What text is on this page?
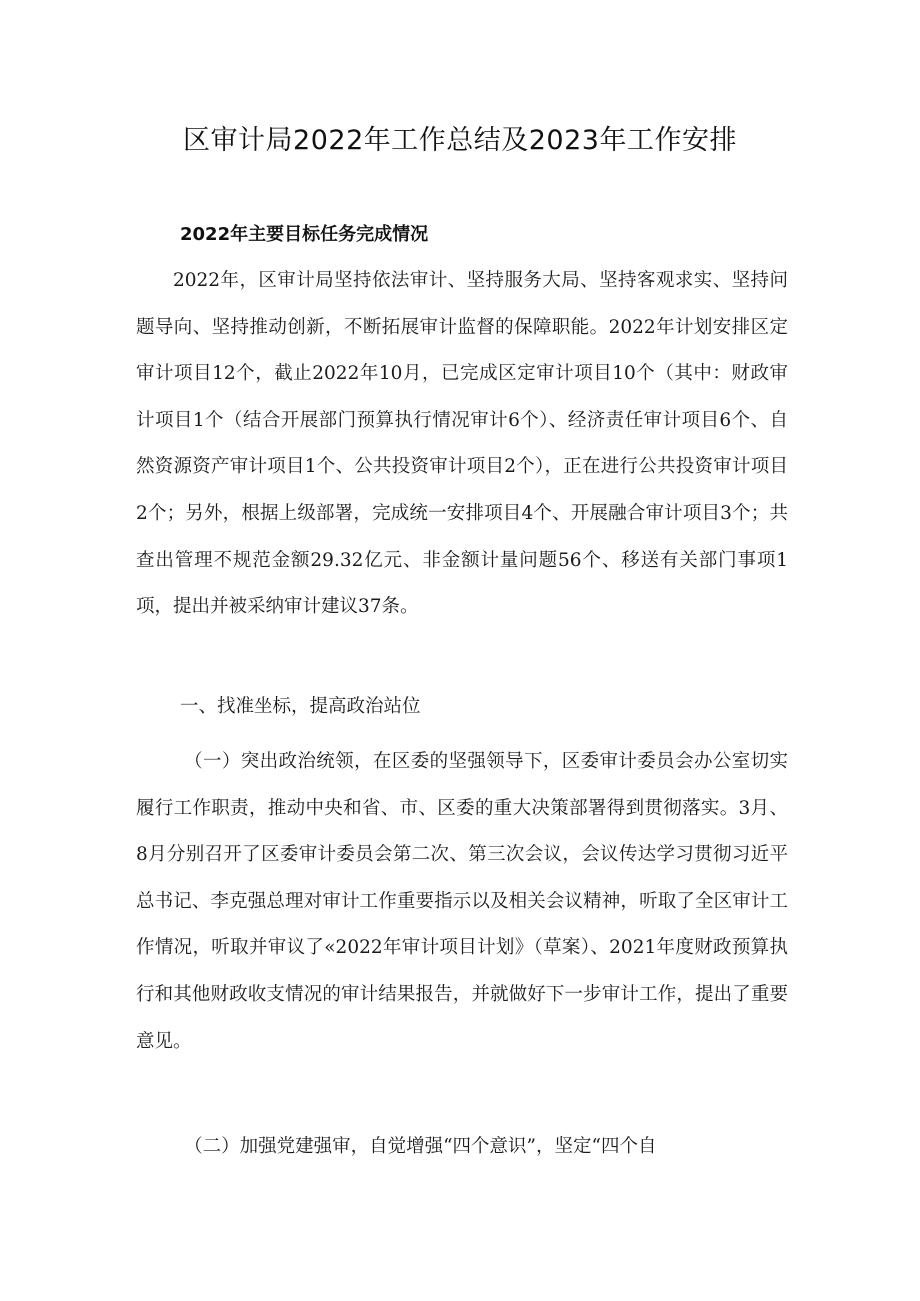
区审计局2022年工作总结及2023年工作安排
2022年主要目标任务完成情况

2022年，区审计局坚持依法审计、坚持服务大局、坚持客观求实、坚持问题导向、坚持推动创新，不断拓展审计监督的保障职能。2022年计划安排区定审计项目12个，截止2022年10月，已完成区定审计项目10个（其中：财政审计项目1个（结合开展部门预算执行情况审计6个）、经济责任审计项目6个、自然资源资产审计项目1个、公共投资审计项目2个），正在进行公共投资审计项目2个；另外，根据上级部署，完成统一安排项目4个、开展融合审计项目3个；共查出管理不规范金额29.32亿元、非金额计量问题56个、移送有关部门事项1项，提出并被采纳审计建议37条。

一、找准坐标，提高政治站位

（一）突出政治统领，在区委的坚强领导下，区委审计委员会办公室切实履行工作职责，推动中央和省、市、区委的重大决策部署得到贯彻落实。3月、8月分别召开了区委审计委员会第二次、第三次会议，会议传达学习贯彻习近平总书记、李克强总理对审计工作重要指示以及相关会议精神，听取了全区审计工作情况，听取并审议了«2022年审计项目计划》（草案）、2021年度财政预算执行和其他财政收支情况的审计结果报告，并就做好下一步审计工作，提出了重要意见。

（二）加强党建强审，自觉增强“四个意识”，坚定“四个自
